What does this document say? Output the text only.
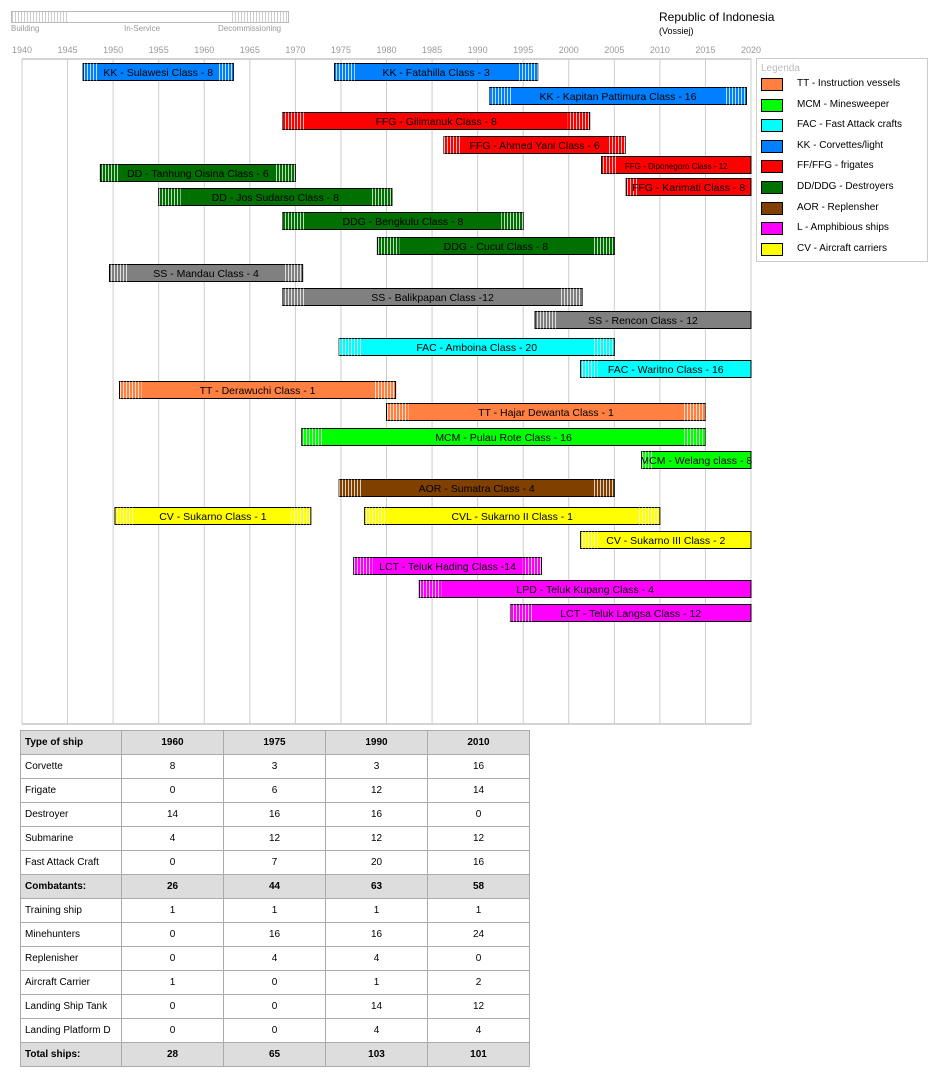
Building	In-Service	Decommissioning
Republic of Indonesia
(Vossiej)
1940	1945	1950	1955	1960	1965	1970	1975	1980	1985	1990	1995	2000	2005	2010	2015	2020
KK - Sulawesi Class - 8	KK - Fatahilla Class - 3
KK - Kapitan Pattimura Class - 16
FFG - Gilimanuk Class - 8
FFG - Ahmed Yani Class - 6
FFG - Diponegoro Class - 12
FFG - Karimati Class - 8
DD - Tanhung Oisina Class - 6
DD - Jos Sudarso Class - 8
DDG - Bengkulu Class - 8
DDG - Cucut Class - 8
SS - Mandau Class - 4
SS - Balikpapan Class -12
SS - Rencon Class - 12
FAC - Amboina Class - 20
FAC - Waritno Class - 16
TT - Derawuchi Class - 1
TT - Hajar Dewanta Class - 1
MCM - Pulau Rote Class - 16
MCM - Welang class - 8
AOR - Sumatra Class - 4
CV - Sukarno Class - 1	CVL - Sukarno II Class - 1
CV - Sukarno III Class - 2
LCT - Teluk Hading Class -14
LPD - Teluk Kupang Class - 4
LCT - Teluk Langsa Class - 12
Legenda
TT - Instruction vessels
MCM - Minesweeper
FAC - Fast Attack crafts
KK - Corvettes/light
FF/FFG - frigates
DD/DDG - Destroyers
AOR - Replensher
L - Amphibious ships
CV - Aircraft carriers
Type of ship	1960	1975	1990	2010
Corvette	8	3	3	16
Frigate	0	6	12	14
Destroyer	14	16	16	0
Submarine	4	12	12	12
Fast Attack Craft	0	7	20	16
Combatants:	26	44	63	58
Training ship	1	1	1	1
Minehunters	0	16	16	24
Replenisher	0	4	4	0
Aircraft Carrier	1	0	1	2
Landing Ship Tank	0	0	14	12
Landing Platform D	0	0	4	4
Total ships:	28	65	103	101
